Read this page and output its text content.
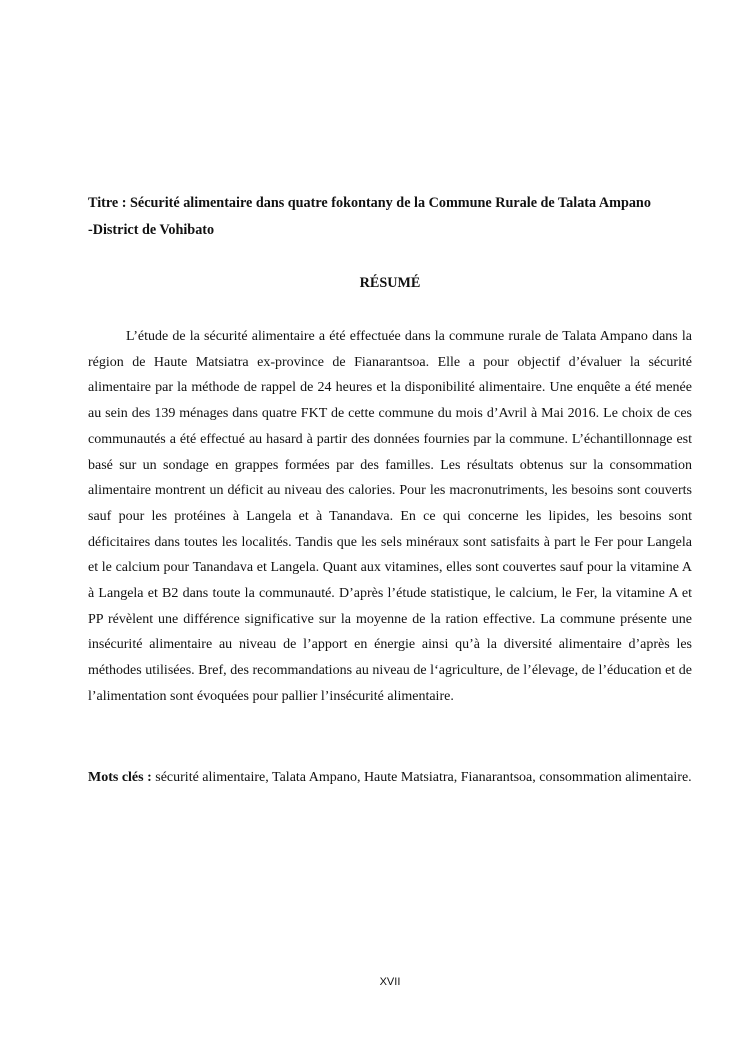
Titre : Sécurité alimentaire dans quatre fokontany de la Commune Rurale de Talata Ampano
-District de Vohibato
RÉSUMÉ

L’étude de la sécurité alimentaire a été effectuée dans la commune rurale de Talata Ampano dans la région de Haute Matsiatra ex-province de Fianarantsoa. Elle a pour objectif d’évaluer la sécurité alimentaire par la méthode de rappel de 24 heures et la disponibilité alimentaire. Une enquête a été menée au sein des 139 ménages dans quatre FKT de cette commune du mois d’Avril à Mai 2016. Le choix de ces communautés a été effectué au hasard à partir des données fournies par la commune. L’échantillonnage est basé sur un sondage en grappes formées par des familles. Les résultats obtenus sur la consommation alimentaire montrent un déficit au niveau des calories. Pour les macronutriments, les besoins sont couverts sauf pour les protéines à Langela et à Tanandava. En ce qui concerne les lipides, les besoins sont déficitaires dans toutes les localités. Tandis que les sels minéraux sont satisfaits à part le Fer pour Langela et le calcium pour Tanandava et Langela. Quant aux vitamines, elles sont couvertes sauf pour la vitamine A à Langela et B2 dans toute la communauté. D’après l’étude statistique, le calcium, le Fer, la vitamine A et PP révèlent une différence significative sur la moyenne de la ration effective. La commune présente une insécurité alimentaire au niveau de l’apport en énergie ainsi qu’à la diversité alimentaire d’après les méthodes utilisées. Bref, des recommandations au niveau de l‘agriculture, de l’élevage, de l’éducation et de l’alimentation sont évoquées pour pallier l’insécurité alimentaire.

Mots clés : sécurité alimentaire, Talata Ampano, Haute Matsiatra, Fianarantsoa, consommation alimentaire.

XVII
